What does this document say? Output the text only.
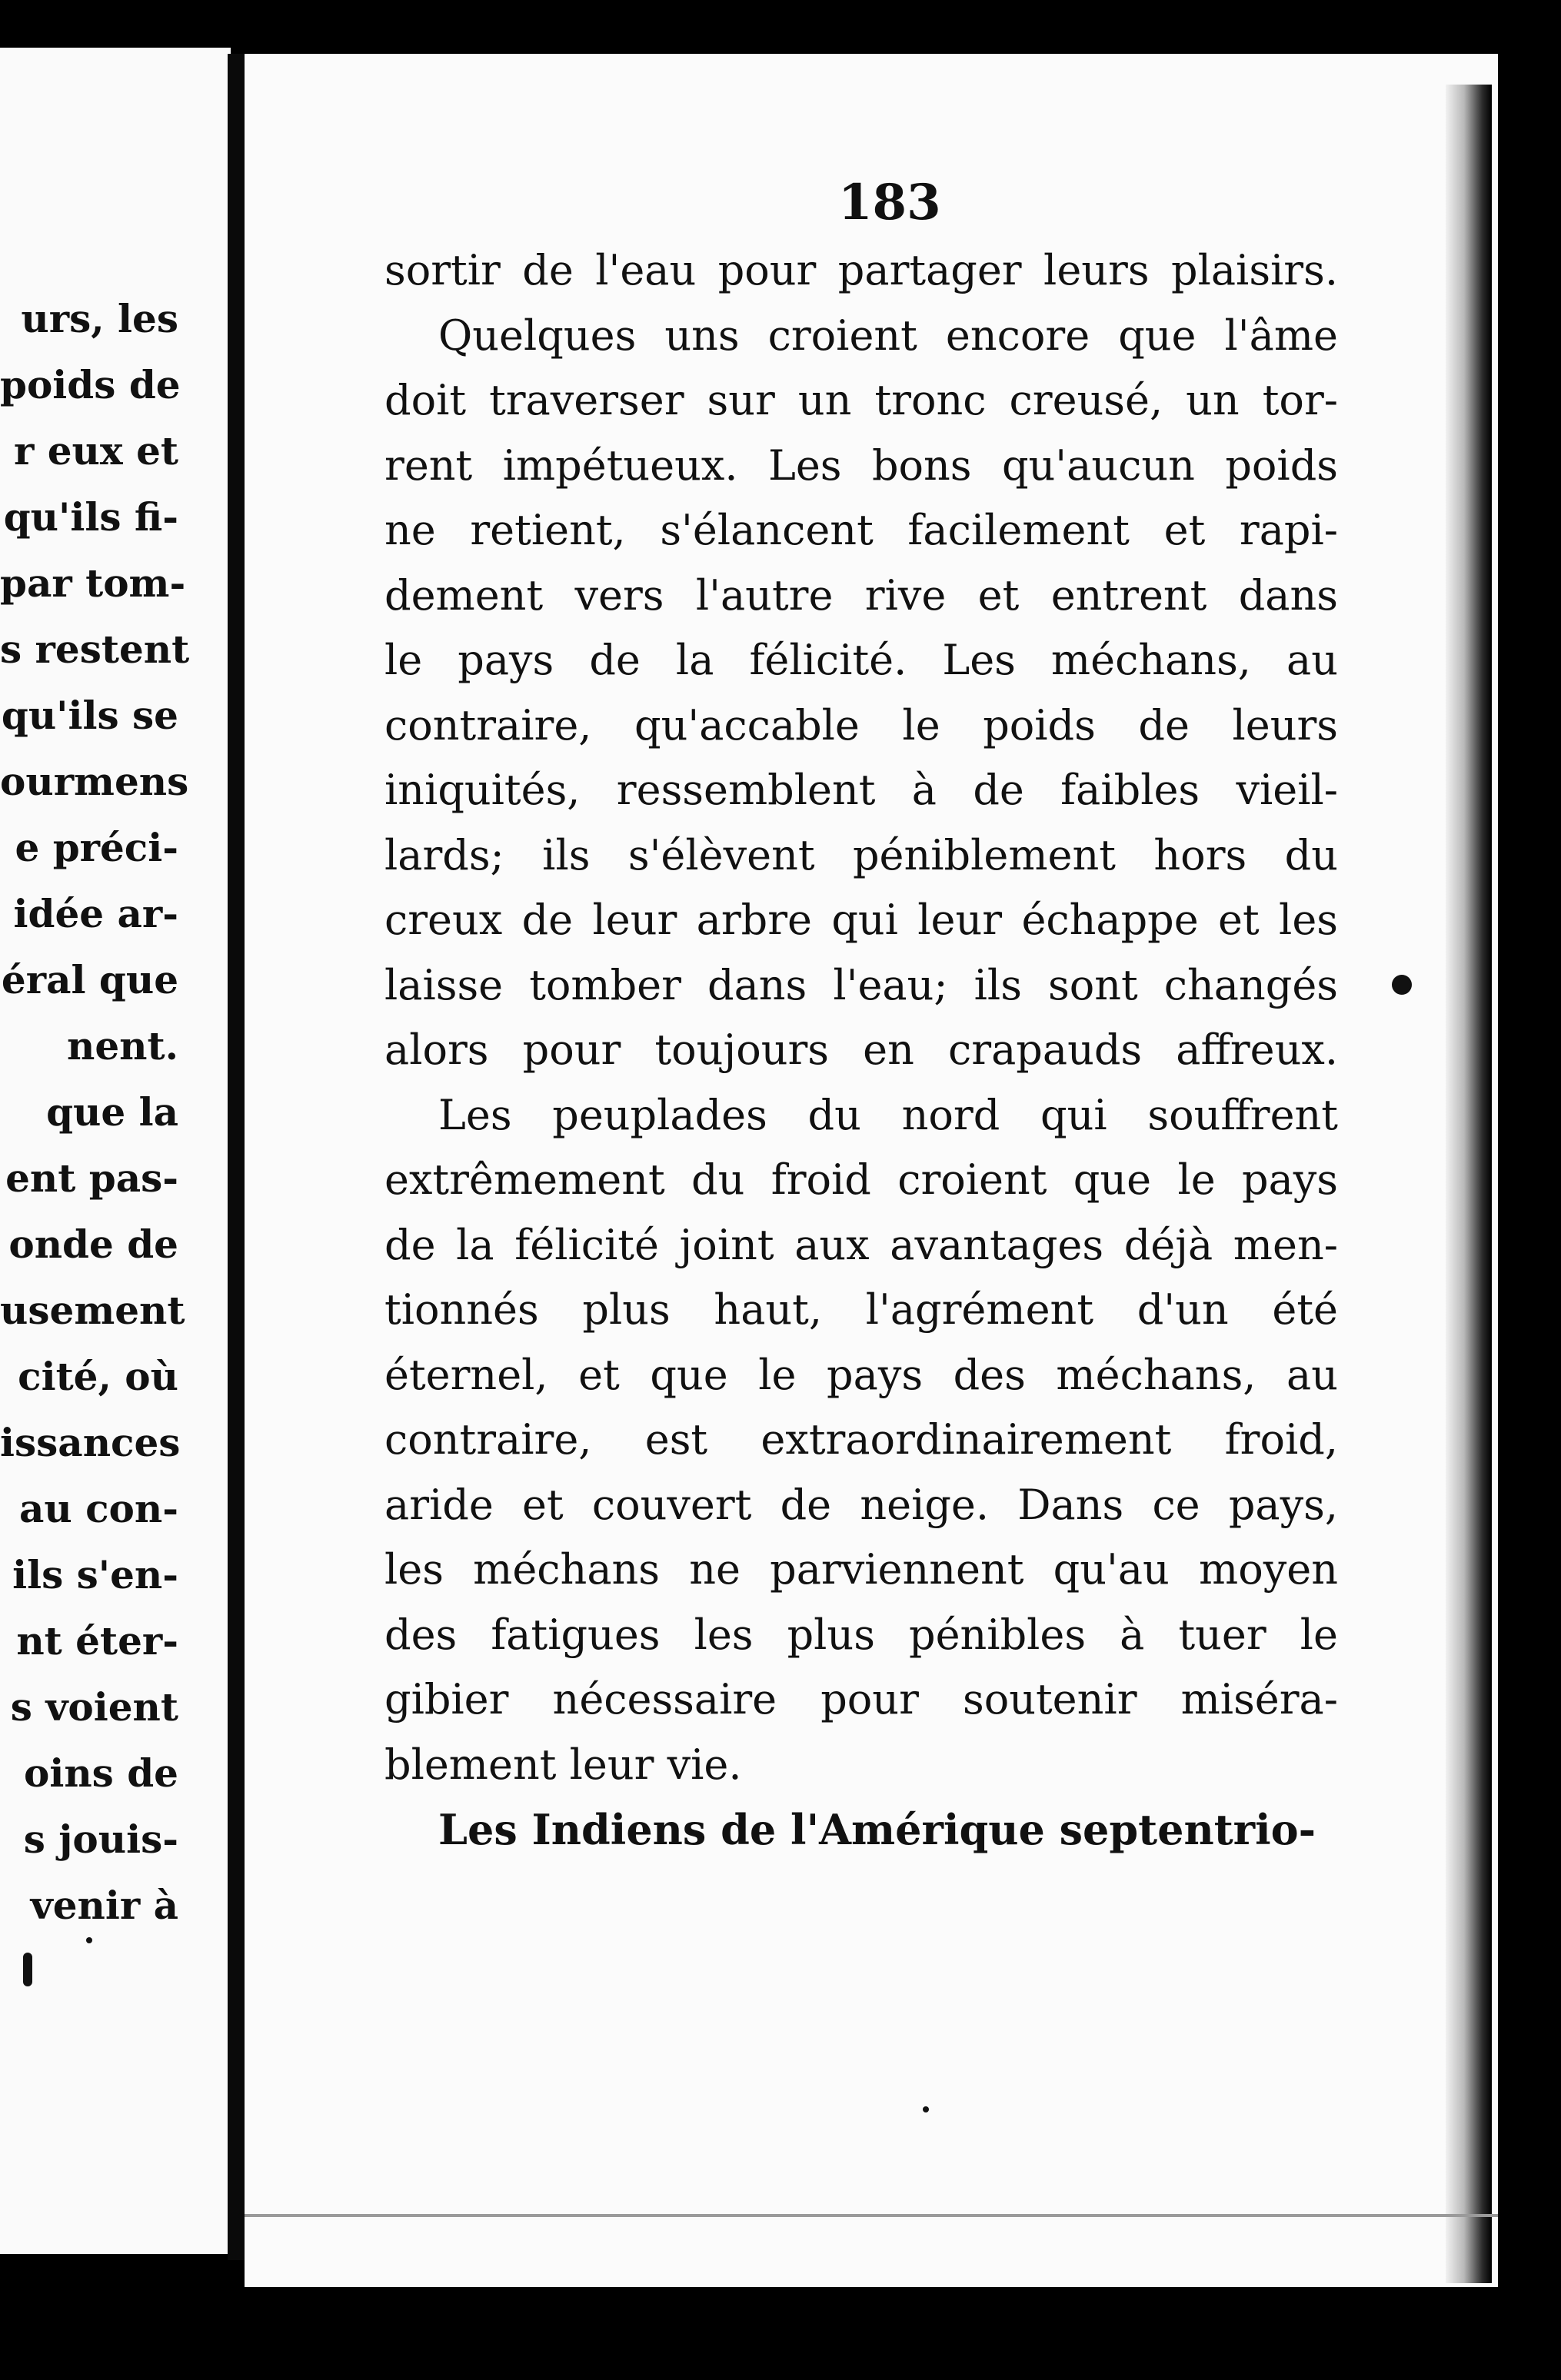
urs, les
poids de
r eux et
qu'ils fi-
par tom-
s restent
qu'ils se
ourmens
e préci-
idée ar-
éral que
nent.
que la
ent pas-
onde de
usement
cité, où
issances
au con-
ils s'en-
nt éter-
s voient
oins de
s jouis-
venir à
183
sortir de l'eau pour partager leurs plaisirs.
Quelques uns croient encore que l'âme
doit traverser sur un tronc creusé, un tor-
rent impétueux. Les bons qu'aucun poids
ne retient, s'élancent facilement et rapi-
dement vers l'autre rive et entrent dans
le pays de la félicité. Les méchans, au
contraire, qu'accable le poids de leurs
iniquités, ressemblent à de faibles vieil-
lards; ils s'élèvent péniblement hors du
creux de leur arbre qui leur échappe et les
laisse tomber dans l'eau; ils sont changés
alors pour toujours en crapauds affreux.
Les peuplades du nord qui souffrent
extrêmement du froid croient que le pays
de la félicité joint aux avantages déjà men-
tionnés plus haut, l'agrément d'un été
éternel, et que le pays des méchans, au
contraire, est extraordinairement froid,
aride et couvert de neige. Dans ce pays,
les méchans ne parviennent qu'au moyen
des fatigues les plus pénibles à tuer le
gibier nécessaire pour soutenir miséra-
blement leur vie.
Les Indiens de l'Amérique septentrio-
